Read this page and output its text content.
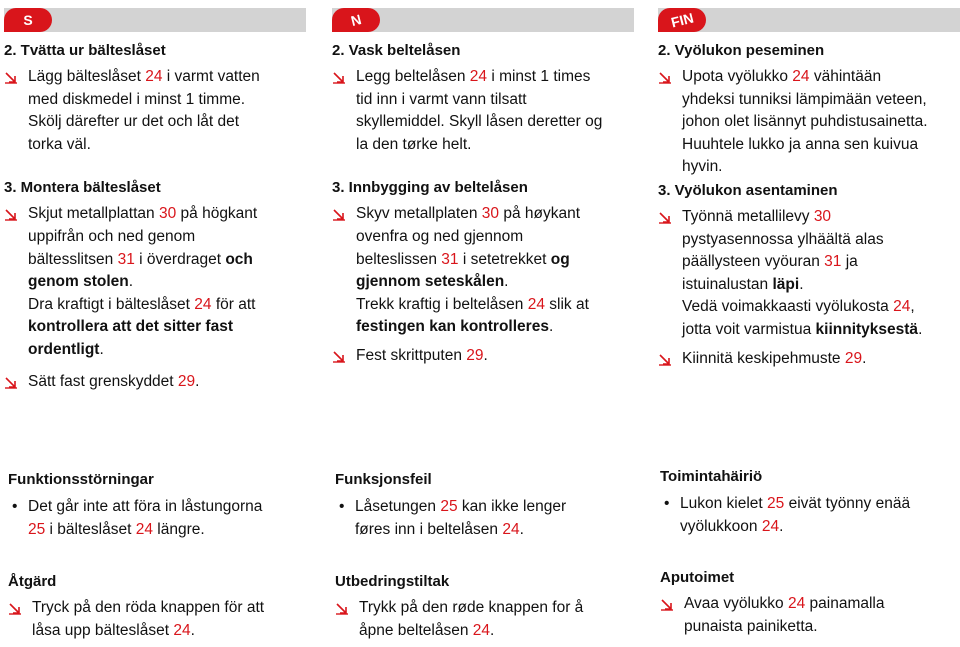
S
2. Tvätta ur bälteslåset

Lägg bälteslåset 24 i varmt vatten

med diskmedel i minst 1 timme.

Skölj därefter ur det och låt det

torka väl.

3. Montera bälteslåset

Skjut metallplattan 30 på högkant

uppifrån och ned genom

bältesslitsen 31 i överdraget och

genom stolen.

Dra kraftigt i bälteslåset 24 för att

kontrollera att det sitter fast

ordentligt.

Sätt fast grenskyddet 29.

N
2. Vask beltelåsen

Legg beltelåsen 24 i minst 1 times

tid inn i varmt vann tilsatt

skyllemiddel. Skyll låsen deretter og

la den tørke helt.

3. Innbygging av beltelåsen

Skyv metallplaten 30 på høykant

ovenfra og ned gjennom

belteslissen 31 i setetrekket og

gjennom seteskålen.

Trekk kraftig i beltelåsen 24 slik at

festingen kan kontrolleres.

Fest skrittputen 29.

FIN
2. Vyölukon peseminen

Upota vyölukko 24 vähintään

yhdeksi tunniksi lämpimään veteen,

johon olet lisännyt puhdistusainetta.

Huuhtele lukko ja anna sen kuivua

hyvin.

3. Vyölukon asentaminen

Työnnä metallilevy 30

pystyasennossa ylhäältä alas

päällysteen vyöuran 31 ja

istuinalustan läpi.

Vedä voimakkaasti vyölukosta 24,

jotta voit varmistua kiinnityksestä.

Kiinnitä keskipehmuste 29.

Funktionsstörningar
• Det går inte att föra in låstungorna
25 i bälteslåset 24 längre.
Funksjonsfeil
• Låsetungen 25 kan ikke lenger
føres inn i beltelåsen 24.
Toimintahäiriö
• Lukon kielet 25 eivät työnny enää
vyölukkoon 24.
Åtgärd

Tryck på den röda knappen för att

låsa upp bälteslåset 24.

Utbedringstiltak

Trykk på den røde knappen for å

åpne beltelåsen 24.

Aputoimet

Avaa vyölukko 24 painamalla

punaista painiketta.
